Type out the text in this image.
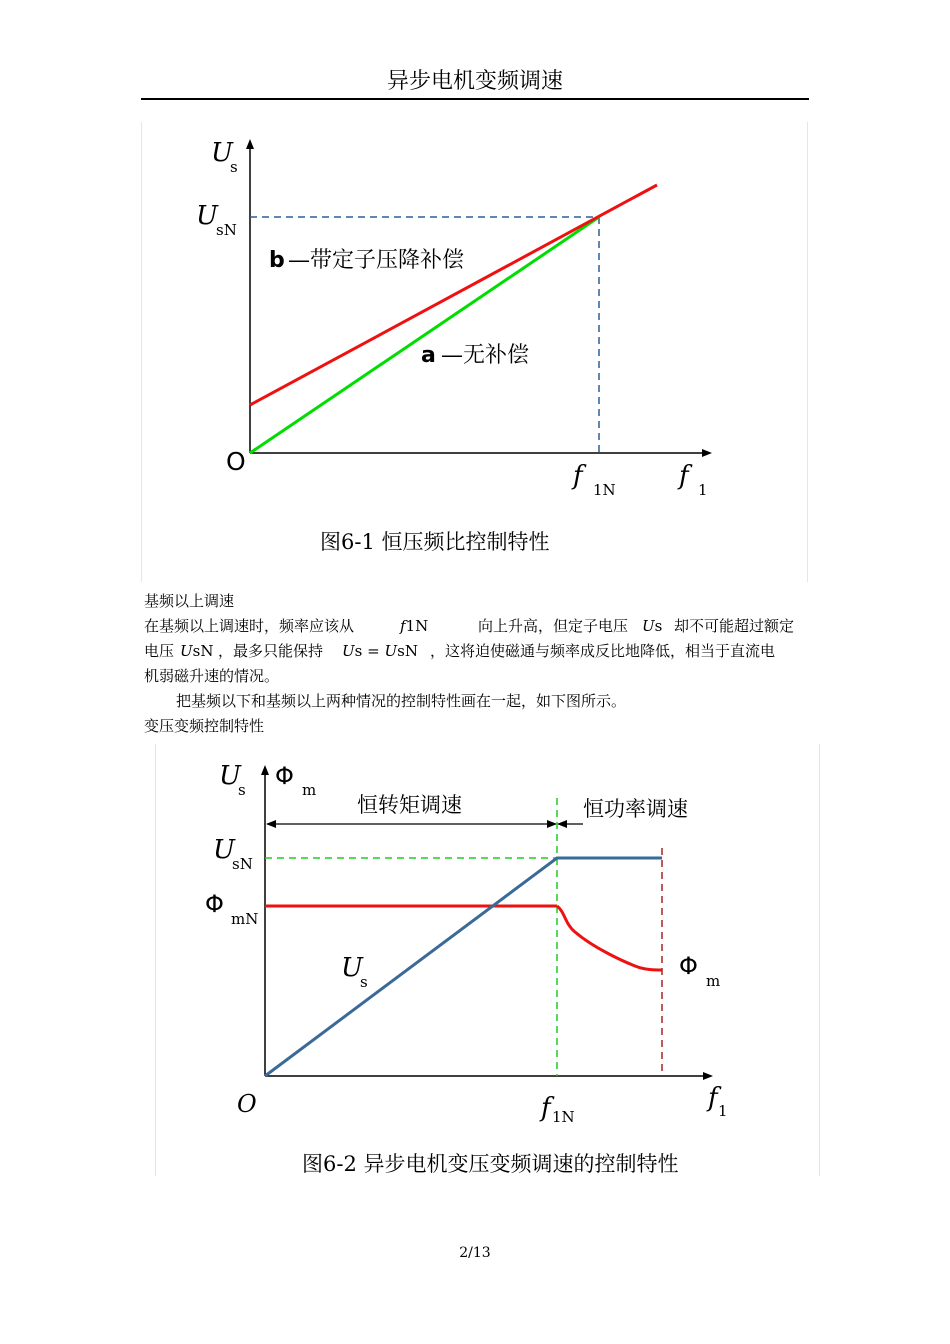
异步电机变频调速
U
s
U
sN
O	f 1N f 1
b —带定子压降补偿
a —无补偿
图6-1 恒压频比控制特性
基频以上调速
在基频以上调速时，频率应该从	f1N	向上升高，但定子电压 Us 却不可能超过额定
电压 UsN ，最多只能保持 Us = UsN ，这将迫使磁通与频率成反比地降低，相当于直流电
机弱磁升速的情况。
把基频以下和基频以上两种情况的控制特性画在一起，如下图所示。
变压变频控制特性
U
s Φ m
恒转矩调速	恒功率调速
U
sN
Φ
mN
U
s
Φ
m
O	f 1N
f 1
图6-2 异步电机变压变频调速的控制特性
2/13
